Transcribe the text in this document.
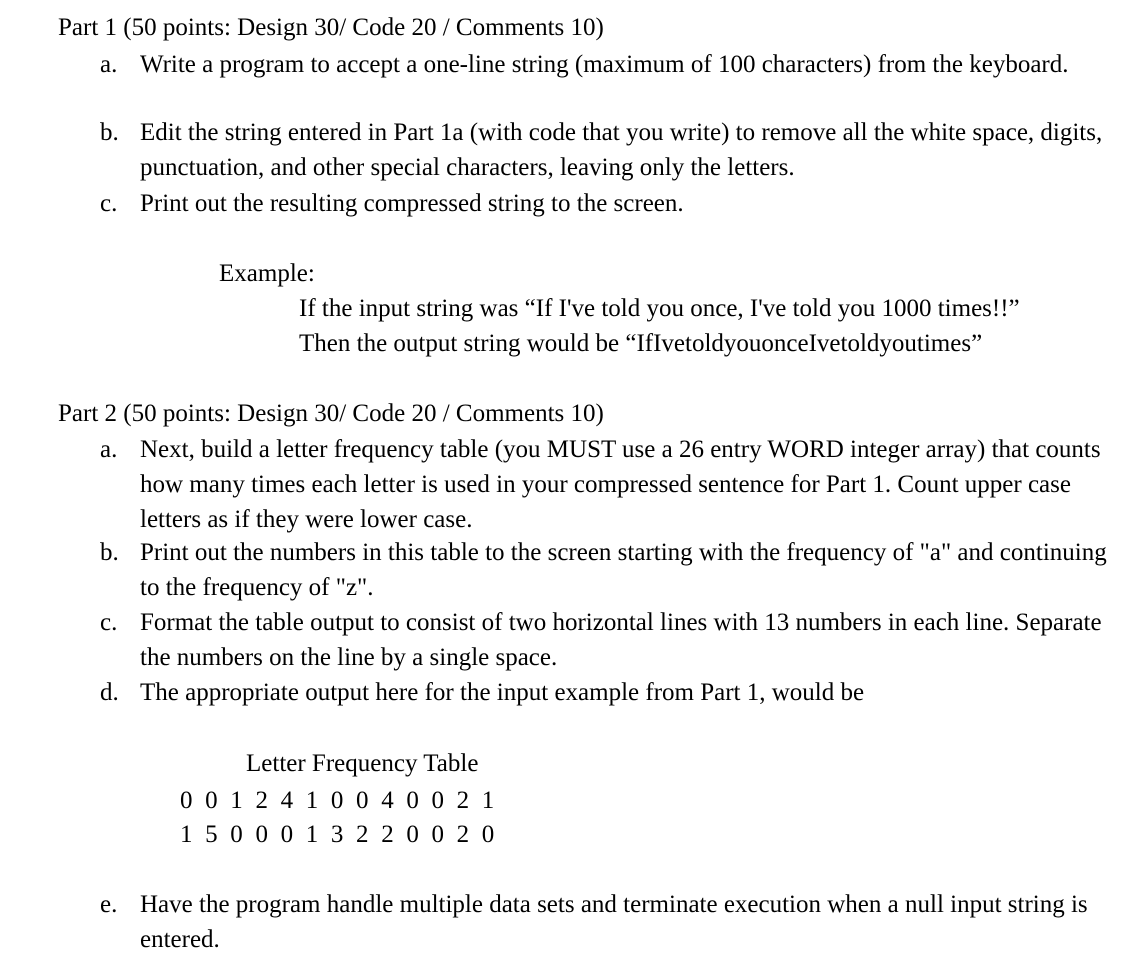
Part 1 (50 points: Design 30/ Code 20 / Comments 10)
a. Write a program to accept a one-line string (maximum of 100 characters) from the keyboard.
b. Edit the string entered in Part 1a (with code that you write) to remove all the white space, digits, punctuation, and other special characters, leaving only the letters.
c. Print out the resulting compressed string to the screen.
Example:
If the input string was “If I've told you once, I've told you 1000 times!!”
Then the output string would be “IfIvetoldyouonceIvetoldyoutimes”
Part 2 (50 points: Design 30/ Code 20 / Comments 10)
a. Next, build a letter frequency table (you MUST use a 26 entry WORD integer array) that counts how many times each letter is used in your compressed sentence for Part 1. Count upper case letters as if they were lower case.
b. Print out the numbers in this table to the screen starting with the frequency of "a" and continuing to the frequency of "z".
c. Format the table output to consist of two horizontal lines with 13 numbers in each line. Separate the numbers on the line by a single space.
d. The appropriate output here for the input example from Part 1, would be
Letter Frequency Table
0 0 1 2 4 1 0 0 4 0 0 2 1
1 5 0 0 0 1 3 2 2 0 0 2 0
e. Have the program handle multiple data sets and terminate execution when a null input string is entered.
